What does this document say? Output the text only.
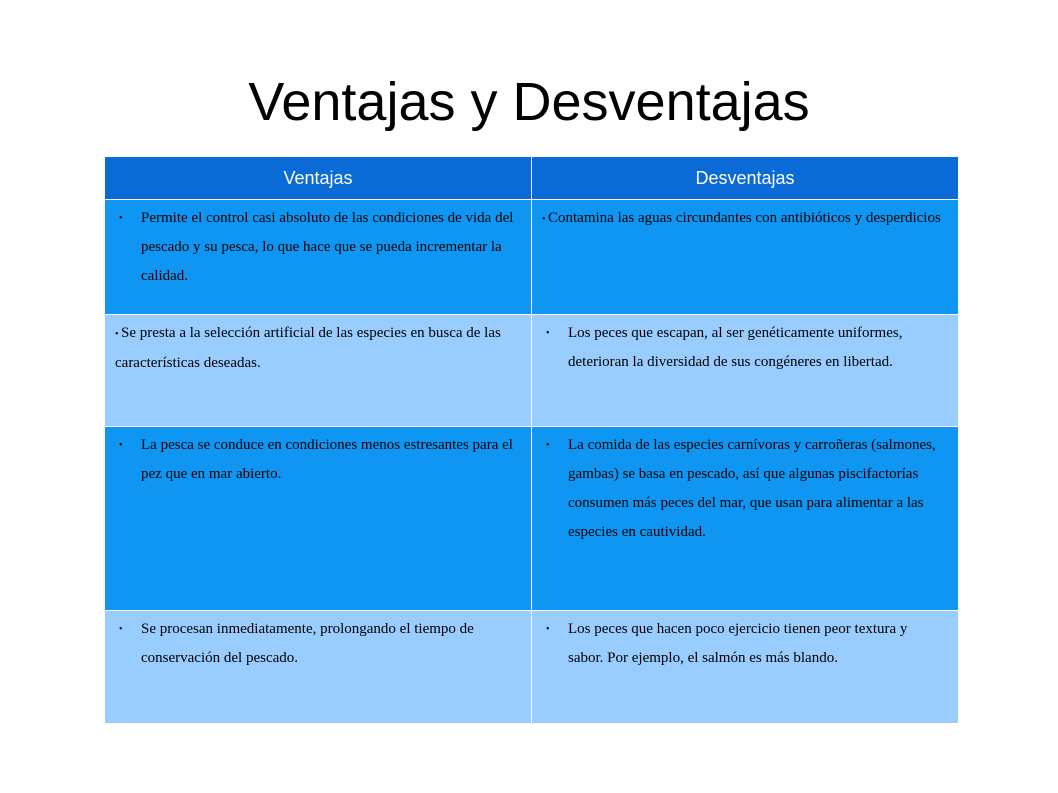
Ventajas y Desventajas
Ventajas	Desventajas

• Permite el control casi absoluto de las condiciones de vida del pescado y su pesca, lo que hace que se pueda incrementar la calidad.	• Contamina las aguas circundantes con antibióticos y desperdicios

• Se presta a la selección artificial de las especies en busca de las características deseadas.	• Los peces que escapan, al ser genéticamente uniformes, deterioran la diversidad de sus congéneres en libertad.

• La pesca se conduce en condiciones menos estresantes para el pez que en mar abierto.	• La comida de las especies carnívoras y carroñeras (salmones, gambas) se basa en pescado, así que algunas piscifactorías consumen más peces del mar, que usan para alimentar a las especies en cautividad.

• Se procesan inmediatamente, prolongando el tiempo de conservación del pescado.	• Los peces que hacen poco ejercicio tienen peor textura y sabor. Por ejemplo, el salmón es más blando.
